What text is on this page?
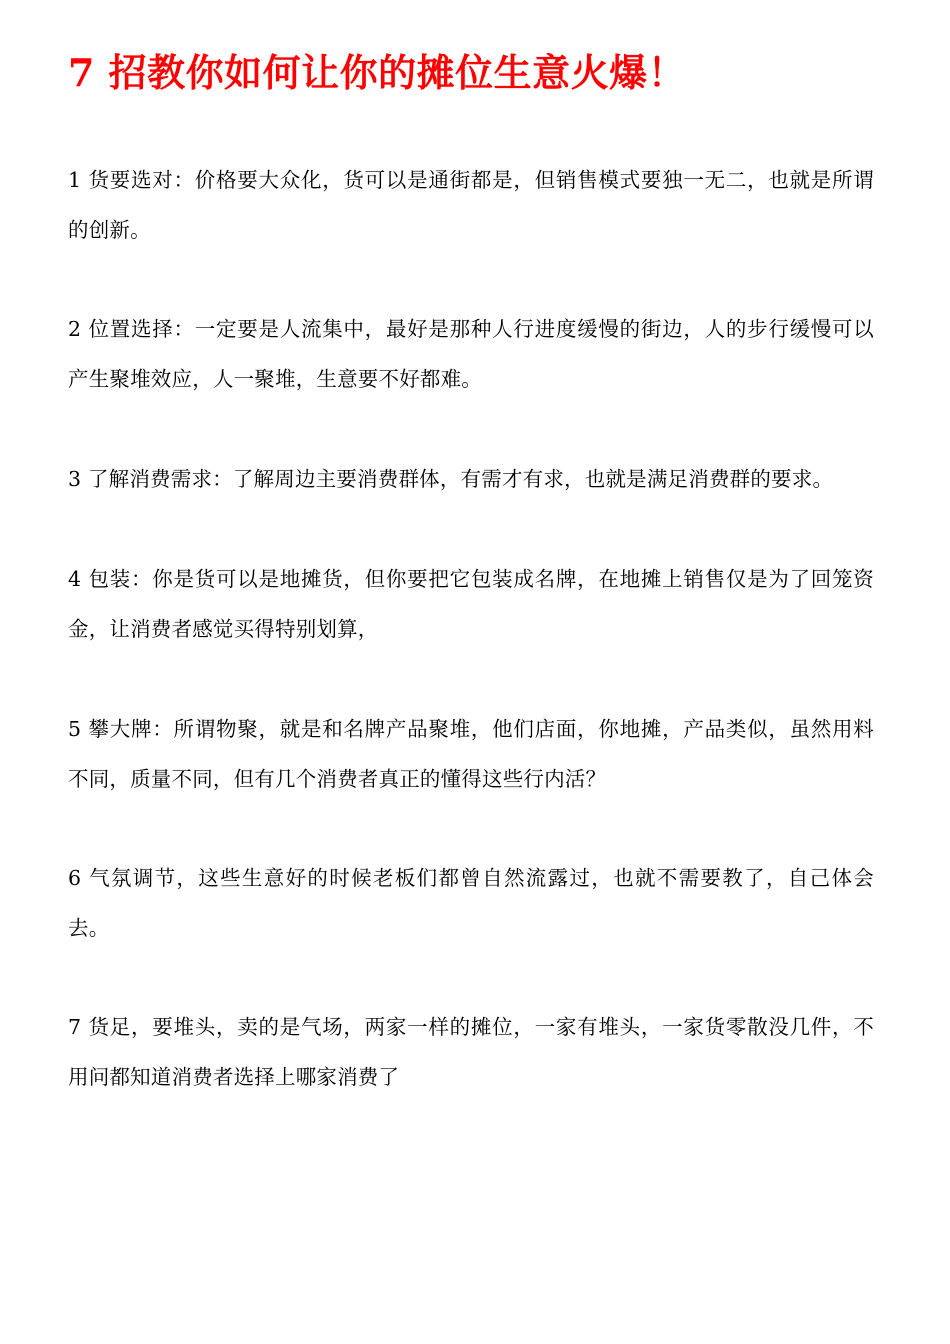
7 招教你如何让你的摊位生意火爆！

1 货要选对：价格要大众化，货可以是通街都是，但销售模式要独一无二，也就是所谓的创新。

2 位置选择：一定要是人流集中，最好是那种人行进度缓慢的街边，人的步行缓慢可以产生聚堆效应，人一聚堆，生意要不好都难。

3 了解消费需求：了解周边主要消费群体，有需才有求，也就是满足消费群的要求。

4 包装：你是货可以是地摊货，但你要把它包装成名牌，在地摊上销售仅是为了回笼资金，让消费者感觉买得特别划算，

5 攀大牌：所谓物聚，就是和名牌产品聚堆，他们店面，你地摊，产品类似，虽然用料不同，质量不同，但有几个消费者真正的懂得这些行内活？

6 气氛调节，这些生意好的时候老板们都曾自然流露过，也就不需要教了，自己体会去。

7 货足，要堆头，卖的是气场，两家一样的摊位，一家有堆头，一家货零散没几件，不用问都知道消费者选择上哪家消费了
